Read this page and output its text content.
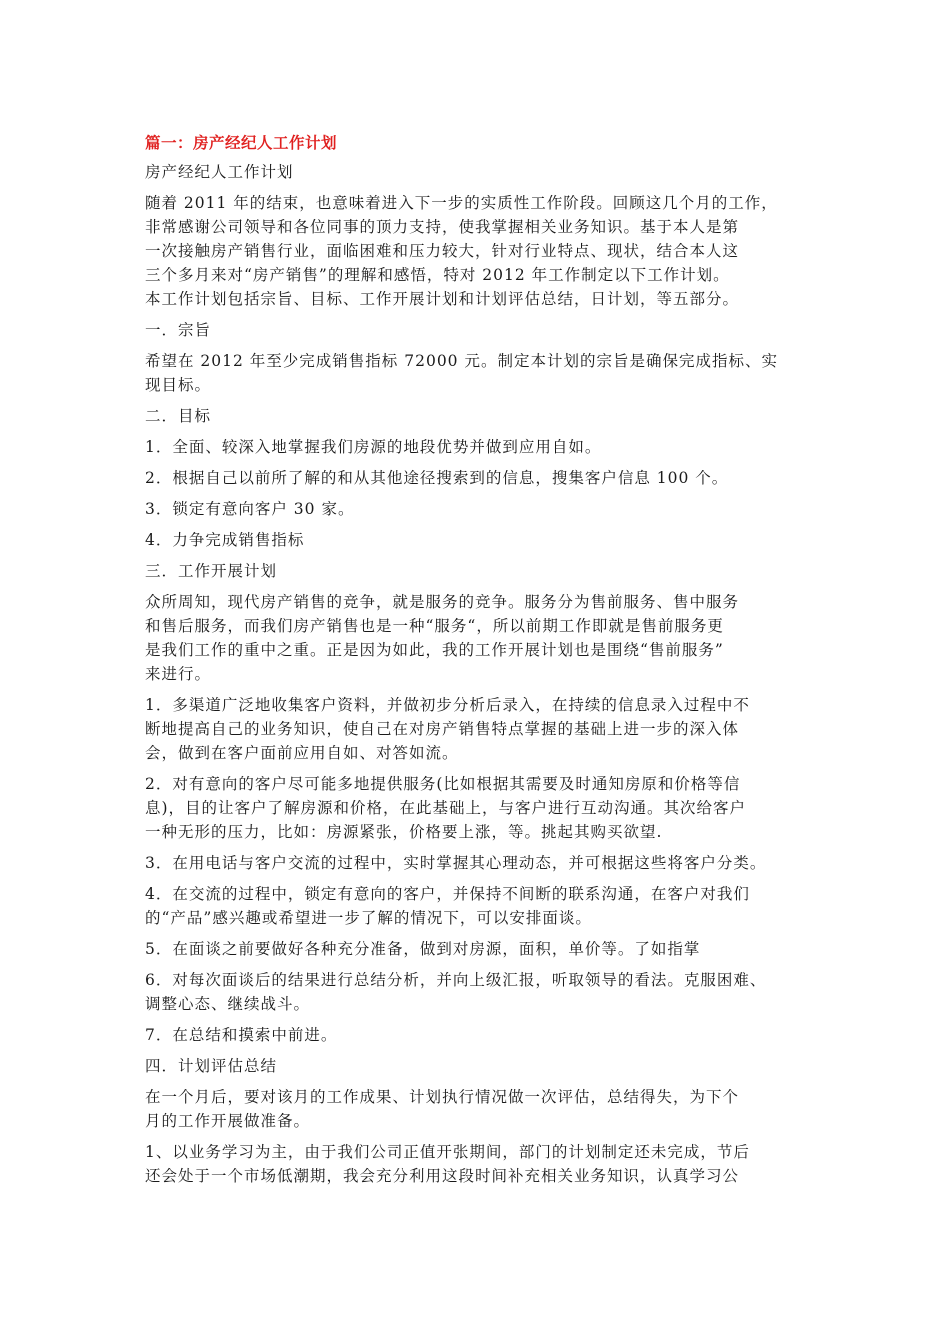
篇一：房产经纪人工作计划
房产经纪人工作计划
随着 2011 年的结束，也意味着进入下一步的实质性工作阶段。回顾这几个月的工作，
非常感谢公司领导和各位同事的顶力支持，使我掌握相关业务知识。基于本人是第
一次接触房产销售行业，面临困难和压力较大，针对行业特点、现状，结合本人这
三个多月来对“房产销售”的理解和感悟，特对 2012 年工作制定以下工作计划。
本工作计划包括宗旨、目标、工作开展计划和计划评估总结，日计划，等五部分。
一．宗旨
希望在 2012 年至少完成销售指标 72000 元。制定本计划的宗旨是确保完成指标、实
现目标。
二．目标
1．全面、较深入地掌握我们房源的地段优势并做到应用自如。
2．根据自己以前所了解的和从其他途径搜索到的信息，搜集客户信息 100 个。
3．锁定有意向客户 30 家。
4．力争完成销售指标
三．工作开展计划
众所周知，现代房产销售的竞争，就是服务的竞争。服务分为售前服务、售中服务
和售后服务，而我们房产销售也是一种“服务“，所以前期工作即就是售前服务更
是我们工作的重中之重。正是因为如此，我的工作开展计划也是围绕“售前服务”
来进行。
1．多渠道广泛地收集客户资料，并做初步分析后录入，在持续的信息录入过程中不
断地提高自己的业务知识，使自己在对房产销售特点掌握的基础上进一步的深入体
会，做到在客户面前应用自如、对答如流。
2．对有意向的客户尽可能多地提供服务(比如根据其需要及时通知房原和价格等信
息)，目的让客户了解房源和价格，在此基础上，与客户进行互动沟通。其次给客户
一种无形的压力，比如：房源紧张，价格要上涨，等。挑起其购买欲望.
3．在用电话与客户交流的过程中，实时掌握其心理动态，并可根据这些将客户分类。
4．在交流的过程中，锁定有意向的客户，并保持不间断的联系沟通，在客户对我们
的“产品”感兴趣或希望进一步了解的情况下，可以安排面谈。
5．在面谈之前要做好各种充分准备，做到对房源，面积，单价等。了如指掌
6．对每次面谈后的结果进行总结分析，并向上级汇报，听取领导的看法。克服困难、
调整心态、继续战斗。
7．在总结和摸索中前进。
四．计划评估总结
在一个月后，要对该月的工作成果、计划执行情况做一次评估，总结得失，为下个
月的工作开展做准备。
1、以业务学习为主，由于我们公司正值开张期间，部门的计划制定还未完成，节后
还会处于一个市场低潮期，我会充分利用这段时间补充相关业务知识，认真学习公
